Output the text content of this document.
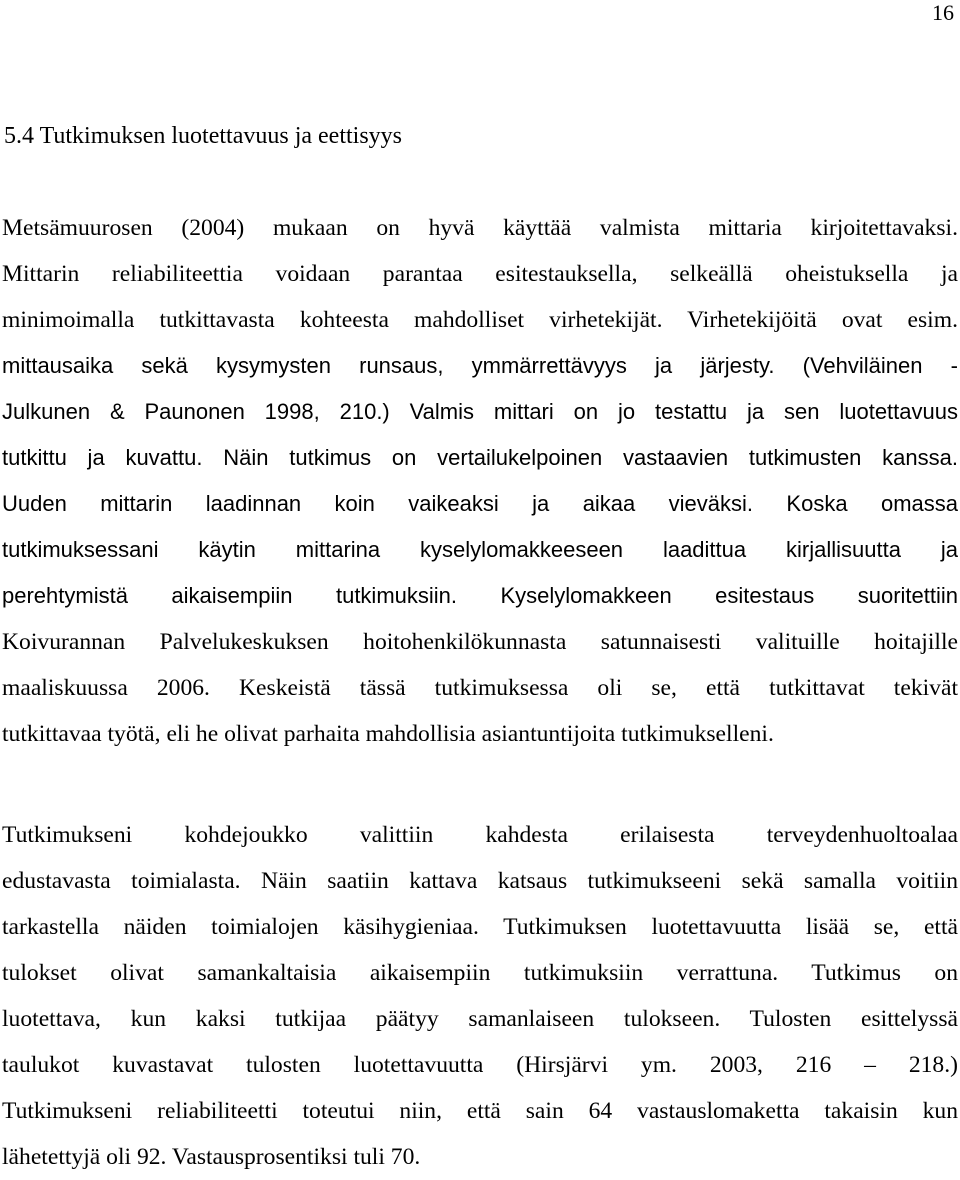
16
5.4 Tutkimuksen luotettavuus ja eettisyys
Metsämuurosen (2004) mukaan on hyvä käyttää valmista mittaria kirjoitettavaksi.
Mittarin reliabiliteettia voidaan parantaa esitestauksella, selkeällä oheistuksella ja
minimoimalla tutkittavasta kohteesta mahdolliset virhetekijät. Virhetekijöitä ovat esim.
mittausaika sekä kysymysten runsaus, ymmärrettävyys ja järjesty. (Vehviläinen -
Julkunen & Paunonen 1998, 210.) Valmis mittari on jo testattu ja sen luotettavuus
tutkittu ja kuvattu. Näin tutkimus on vertailukelpoinen vastaavien tutkimusten kanssa.
Uuden mittarin laadinnan koin vaikeaksi ja aikaa vieväksi. Koska omassa
tutkimuksessani käytin mittarina kyselylomakkeeseen laadittua kirjallisuutta ja
perehtymistä aikaisempiin tutkimuksiin. Kyselylomakkeen esitestaus suoritettiin
Koivurannan Palvelukeskuksen hoitohenkilökunnasta satunnaisesti valituille hoitajille
maaliskuussa 2006. Keskeistä tässä tutkimuksessa oli se, että tutkittavat tekivät
tutkittavaa työtä, eli he olivat parhaita mahdollisia asiantuntijoita tutkimukselleni.
Tutkimukseni kohdejoukko valittiin kahdesta erilaisesta terveydenhuoltoalaa
edustavasta toimialasta. Näin saatiin kattava katsaus tutkimukseeni sekä samalla voitiin
tarkastella näiden toimialojen käsihygieniaa. Tutkimuksen luotettavuutta lisää se, että
tulokset olivat samankaltaisia aikaisempiin tutkimuksiin verrattuna. Tutkimus on
luotettava, kun kaksi tutkijaa päätyy samanlaiseen tulokseen. Tulosten esittelyssä
taulukot kuvastavat tulosten luotettavuutta (Hirsjärvi ym. 2003, 216 – 218.)
Tutkimukseni reliabiliteetti toteutui niin, että sain 64 vastauslomaketta takaisin kun
lähetettyjä oli 92. Vastausprosentiksi tuli 70.
